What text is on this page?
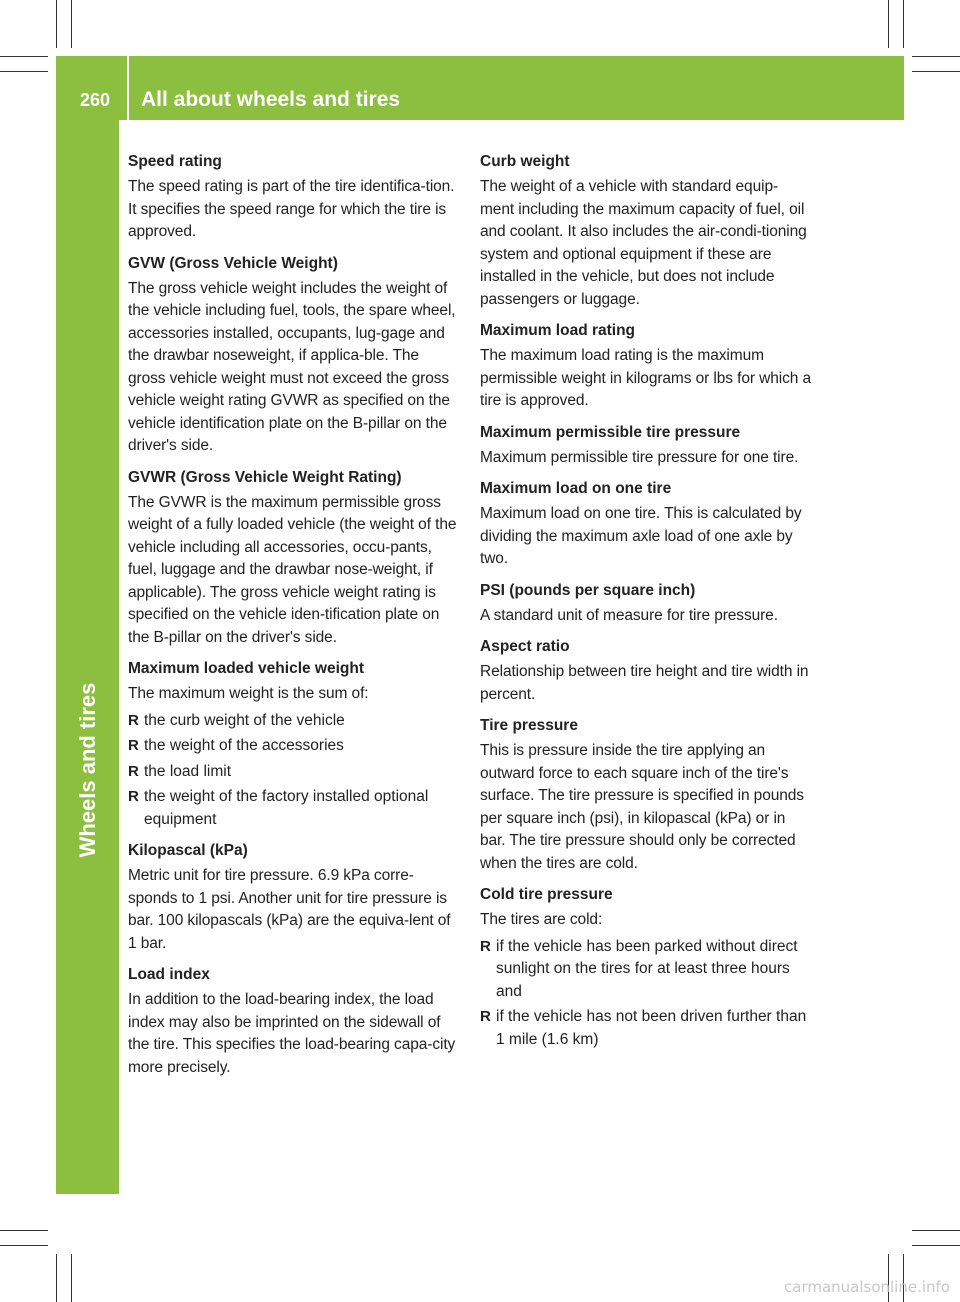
260 All about wheels and tires
Wheels and tires

Speed rating

The speed rating is part of the tire identifica-tion. It specifies the speed range for which the tire is approved.

GVW (Gross Vehicle Weight)

The gross vehicle weight includes the weight of the vehicle including fuel, tools, the spare wheel, accessories installed, occupants, lug-gage and the drawbar noseweight, if applica-ble. The gross vehicle weight must not exceed the gross vehicle weight rating GVWR as specified on the vehicle identification plate on the B-pillar on the driver's side.

GVWR (Gross Vehicle Weight Rating)

The GVWR is the maximum permissible gross weight of a fully loaded vehicle (the weight of the vehicle including all accessories, occu-pants, fuel, luggage and the drawbar nose-weight, if applicable). The gross vehicle weight rating is specified on the vehicle iden-tification plate on the B-pillar on the driver's side.

Maximum loaded vehicle weight

The maximum weight is the sum of:

R the curb weight of the vehicle
R the weight of the accessories
R the load limit
R the weight of the factory installed optional equipment

Kilopascal (kPa)

Metric unit for tire pressure. 6.9 kPa corre-sponds to 1 psi. Another unit for tire pressure is bar. 100 kilopascals (kPa) are the equiva-lent of 1 bar.

Load index

In addition to the load-bearing index, the load index may also be imprinted on the sidewall of the tire. This specifies the load-bearing capa-city more precisely.

Curb weight

The weight of a vehicle with standard equip-ment including the maximum capacity of fuel, oil and coolant. It also includes the air-condi-tioning system and optional equipment if these are installed in the vehicle, but does not include passengers or luggage.

Maximum load rating

The maximum load rating is the maximum permissible weight in kilograms or lbs for which a tire is approved.

Maximum permissible tire pressure

Maximum permissible tire pressure for one tire.

Maximum load on one tire

Maximum load on one tire. This is calculated by dividing the maximum axle load of one axle by two.

PSI (pounds per square inch)

A standard unit of measure for tire pressure.

Aspect ratio

Relationship between tire height and tire width in percent.

Tire pressure

This is pressure inside the tire applying an outward force to each square inch of the tire's surface. The tire pressure is specified in pounds per square inch (psi), in kilopascal (kPa) or in bar. The tire pressure should only be corrected when the tires are cold.

Cold tire pressure

The tires are cold:

R if the vehicle has been parked without direct sunlight on the tires for at least three hours and
R if the vehicle has not been driven further than 1 mile (1.6 km)
carmanualsonline.info
